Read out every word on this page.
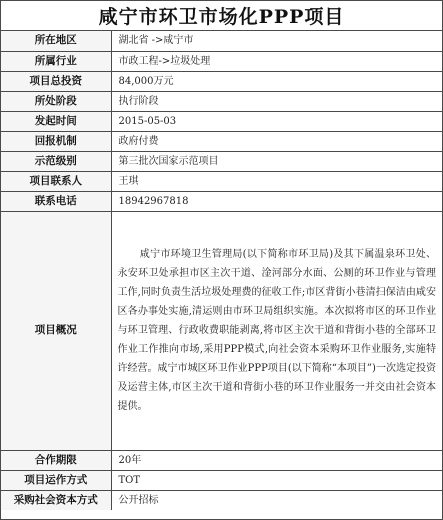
咸宁市环卫市场化PPP项目
所在地区	湖北省 ->咸宁市
所属行业	市政工程->垃圾处理
项目总投资	84,000万元
所处阶段	执行阶段
发起时间	2015-05-03
回报机制	政府付费
示范级别	第三批次国家示范项目
项目联系人	王琪
联系电话	18942967818
项目概况	咸宁市环境卫生管理局(以下简称市环卫局)及其下属温泉环卫处、永安环卫处承担市区主次干道、淦河部分水面、公厕的环卫作业与管理工作,同时负责生活垃圾处理费的征收工作;市区背街小巷清扫保洁由咸安区各办事处实施,清运则由市环卫局组织实施。本次拟将市区的环卫作业与环卫管理、行政收费职能剥离,将市区主次干道和背街小巷的全部环卫作业工作推向市场,采用PPP模式,向社会资本采购环卫作业服务,实施特许经营。咸宁市城区环卫作业PPP项目(以下简称“本项目”)一次选定投资及运营主体,市区主次干道和背街小巷的环卫作业服务一并交由社会资本提供。
合作期限	20年
项目运作方式	TOT
采购社会资本方式	公开招标
